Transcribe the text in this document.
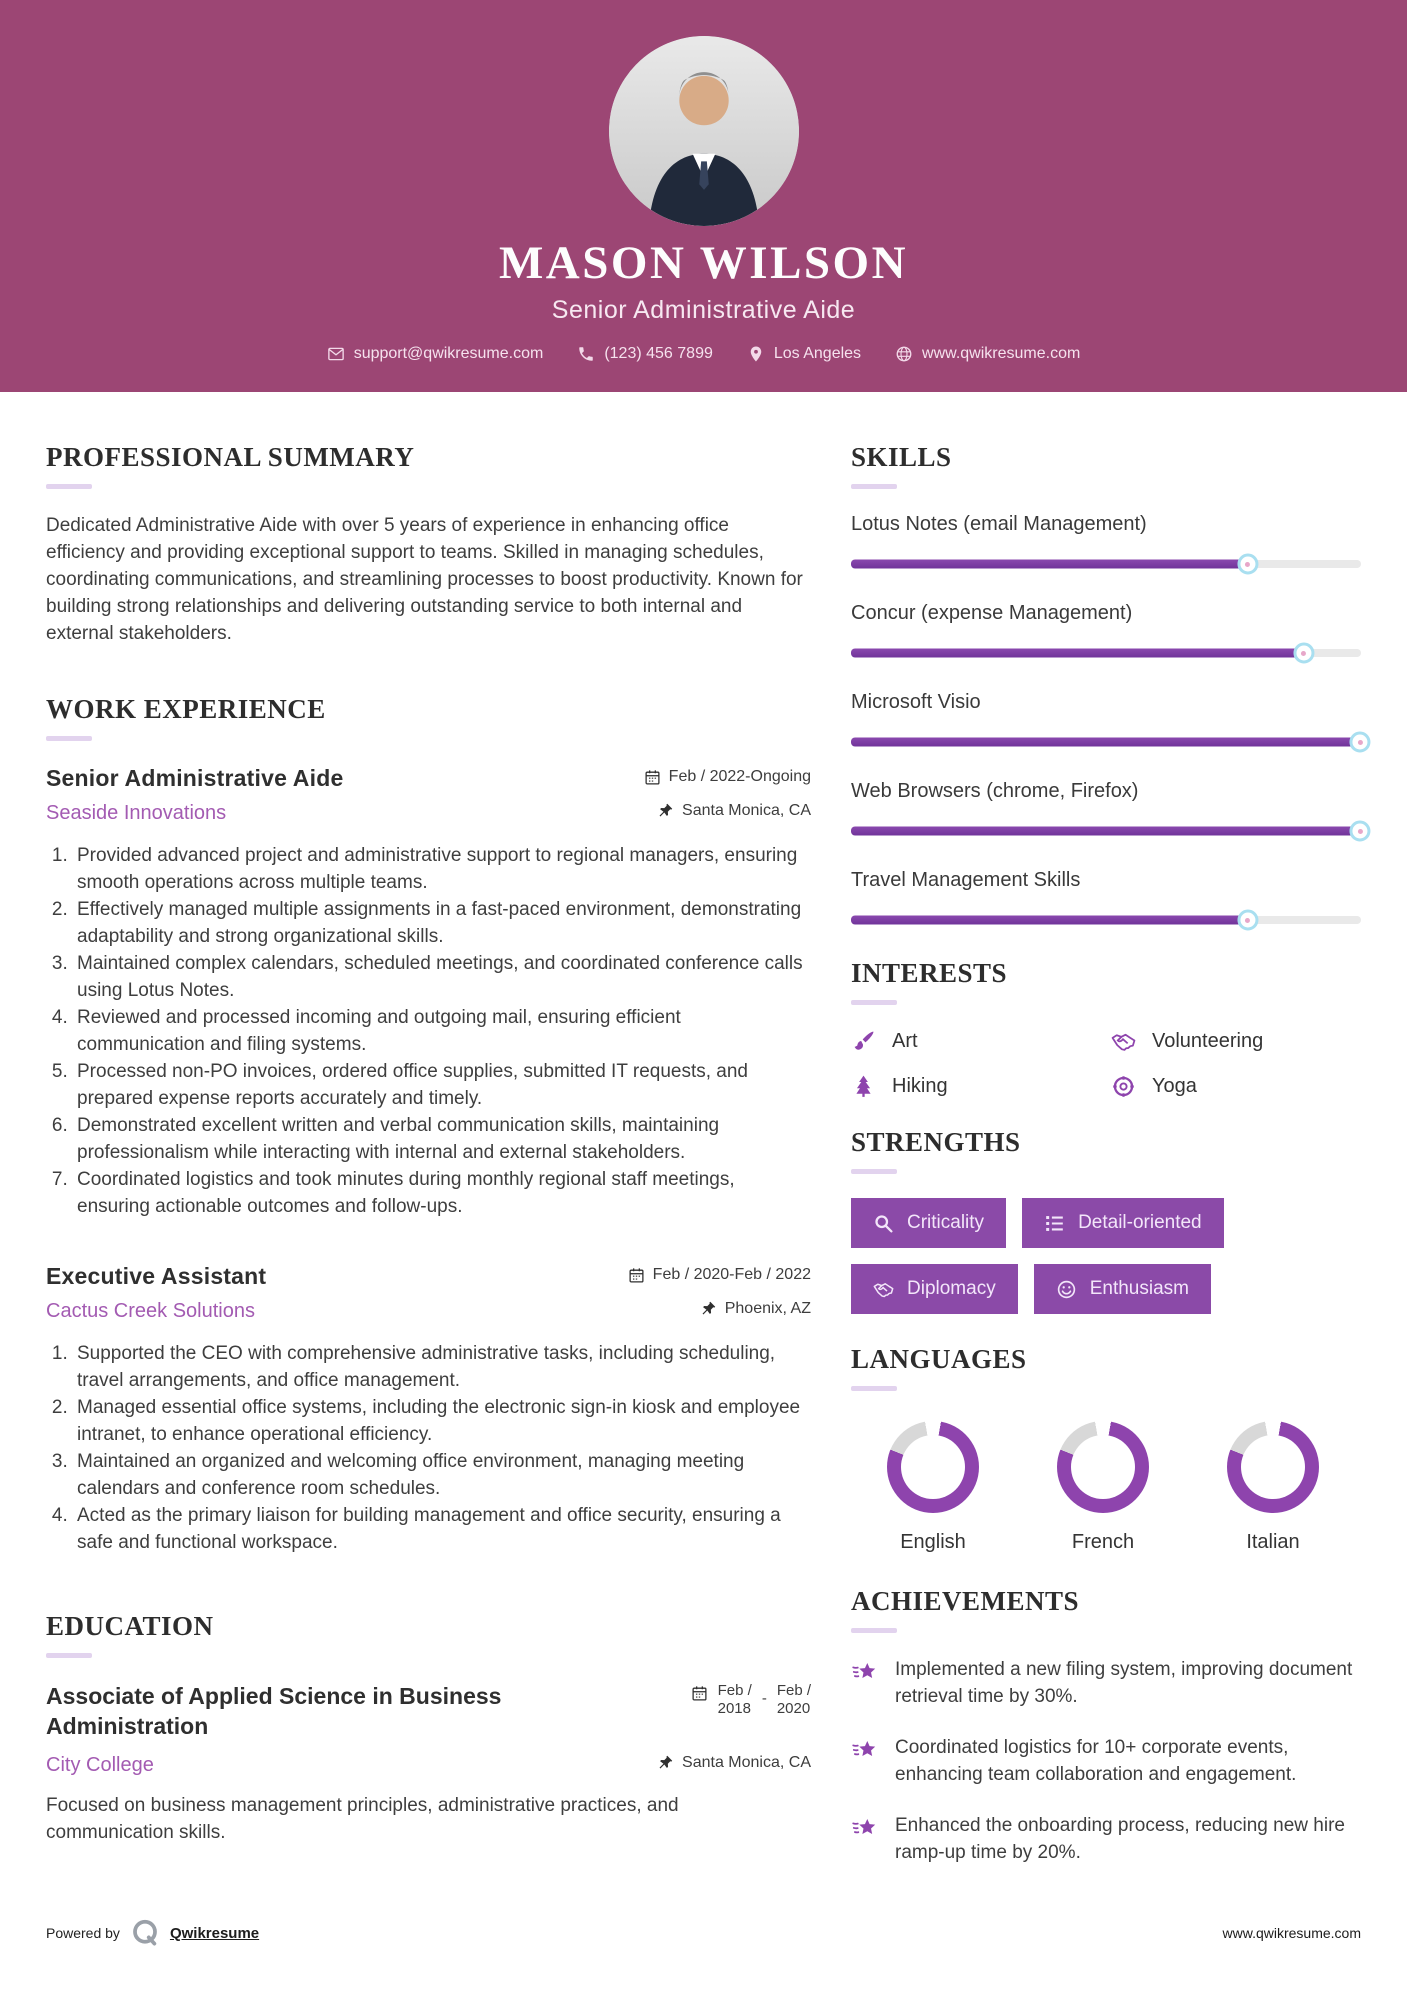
MASON WILSON
Senior Administrative Aide
support@qwikresume.com	(123) 456 7899	Los Angeles	www.qwikresume.com
PROFESSIONAL SUMMARY

Dedicated Administrative Aide with over 5 years of experience in enhancing office efficiency and providing exceptional support to teams. Skilled in managing schedules, coordinating communications, and streamlining processes to boost productivity. Known for building strong relationships and delivering outstanding service to both internal and external stakeholders.

WORK EXPERIENCE
Senior Administrative Aide	Feb / 2022-Ongoing
Seaside Innovations	Santa Monica, CA
1. Provided advanced project and administrative support to regional managers, ensuring smooth operations across multiple teams.
2. Effectively managed multiple assignments in a fast-paced environment, demonstrating adaptability and strong organizational skills.
3. Maintained complex calendars, scheduled meetings, and coordinated conference calls using Lotus Notes.
4. Reviewed and processed incoming and outgoing mail, ensuring efficient communication and filing systems.
5. Processed non-PO invoices, ordered office supplies, submitted IT requests, and prepared expense reports accurately and timely.
6. Demonstrated excellent written and verbal communication skills, maintaining professionalism while interacting with internal and external stakeholders.
7. Coordinated logistics and took minutes during monthly regional staff meetings, ensuring actionable outcomes and follow-ups.
Executive Assistant	Feb / 2020-Feb / 2022
Cactus Creek Solutions	Phoenix, AZ
1. Supported the CEO with comprehensive administrative tasks, including scheduling, travel arrangements, and office management.
2. Managed essential office systems, including the electronic sign-in kiosk and employee intranet, to enhance operational efficiency.
3. Maintained an organized and welcoming office environment, managing meeting calendars and conference room schedules.
4. Acted as the primary liaison for building management and office security, ensuring a safe and functional workspace.
EDUCATION
Associate of Applied Science in Business Administration
Feb /
2018
- Feb /
2020
City College	Santa Monica, CA

Focused on business management principles, administrative practices, and communication skills.

SKILLS
Lotus Notes (email Management)
Concur (expense Management)
Microsoft Visio
Web Browsers (chrome, Firefox)
Travel Management Skills
INTERESTS
Art	Volunteering
Hiking	Yoga
STRENGTHS
Criticality	Detail-oriented
Diplomacy	Enthusiasm
LANGUAGES
English	French	Italian
ACHIEVEMENTS
Implemented a new filing system, improving document retrieval time by 30%.
Coordinated logistics for 10+ corporate events, enhancing team collaboration and engagement.
Enhanced the onboarding process, reducing new hire ramp-up time by 20%.
Powered by	Qwikresume	www.qwikresume.com
